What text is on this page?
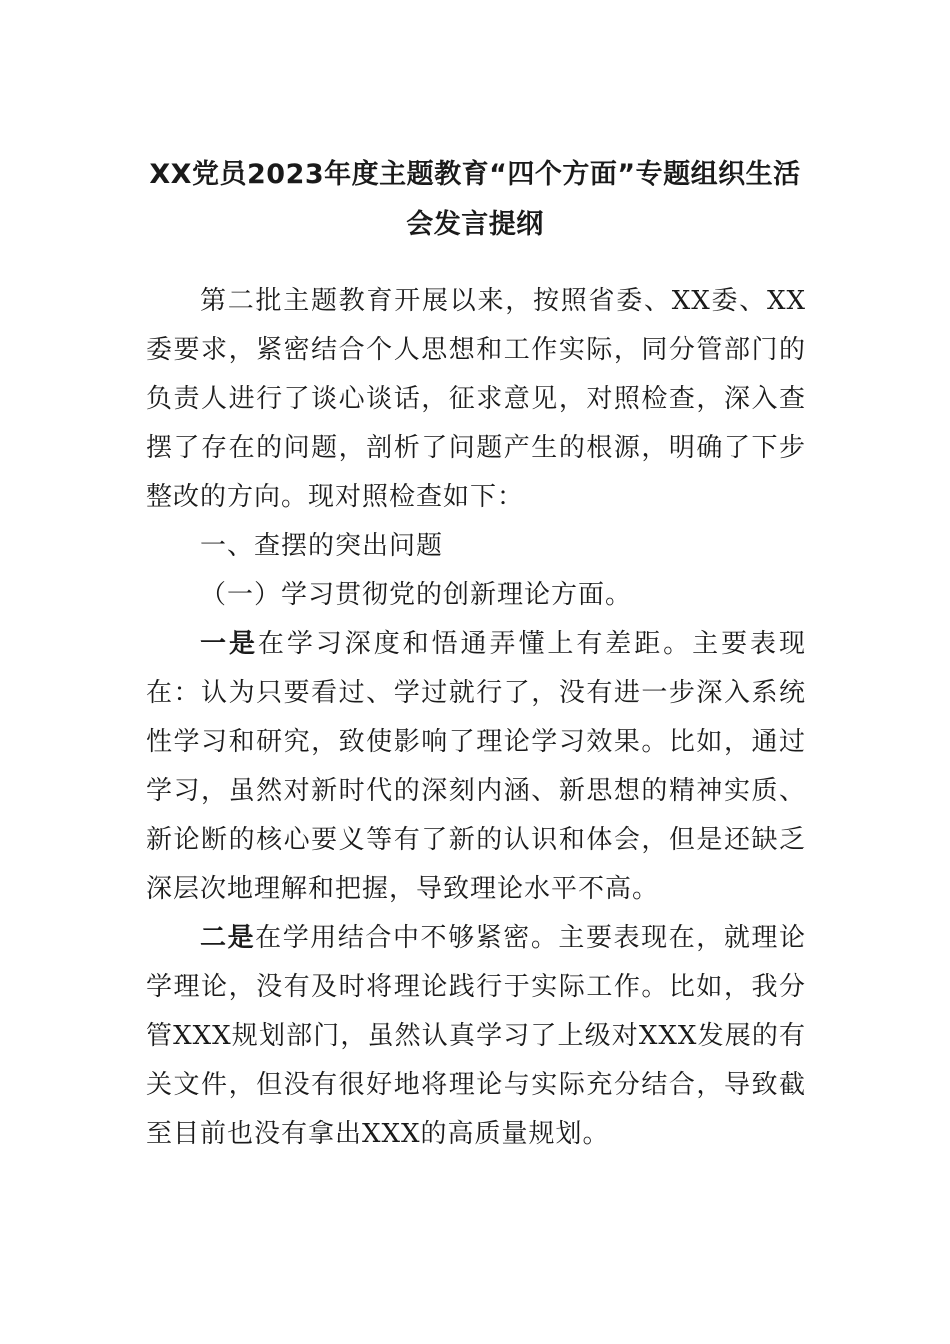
XX党员2023年度主题教育“四个方面”专题组织生活会发言提纲

第二批主题教育开展以来，按照省委、XX委、XX委要求，紧密结合个人思想和工作实际，同分管部门的负责人进行了谈心谈话，征求意见，对照检查，深入查摆了存在的问题，剖析了问题产生的根源，明确了下步整改的方向。现对照检查如下：

一、查摆的突出问题

（一）学习贯彻党的创新理论方面。

一是在学习深度和悟通弄懂上有差距。主要表现在：认为只要看过、学过就行了，没有进一步深入系统性学习和研究，致使影响了理论学习效果。比如，通过学习，虽然对新时代的深刻内涵、新思想的精神实质、新论断的核心要义等有了新的认识和体会，但是还缺乏深层次地理解和把握，导致理论水平不高。

二是在学用结合中不够紧密。主要表现在，就理论学理论，没有及时将理论践行于实际工作。比如，我分管XXX规划部门，虽然认真学习了上级对XXX发展的有关文件，但没有很好地将理论与实际充分结合，导致截至目前也没有拿出XXX的高质量规划。
